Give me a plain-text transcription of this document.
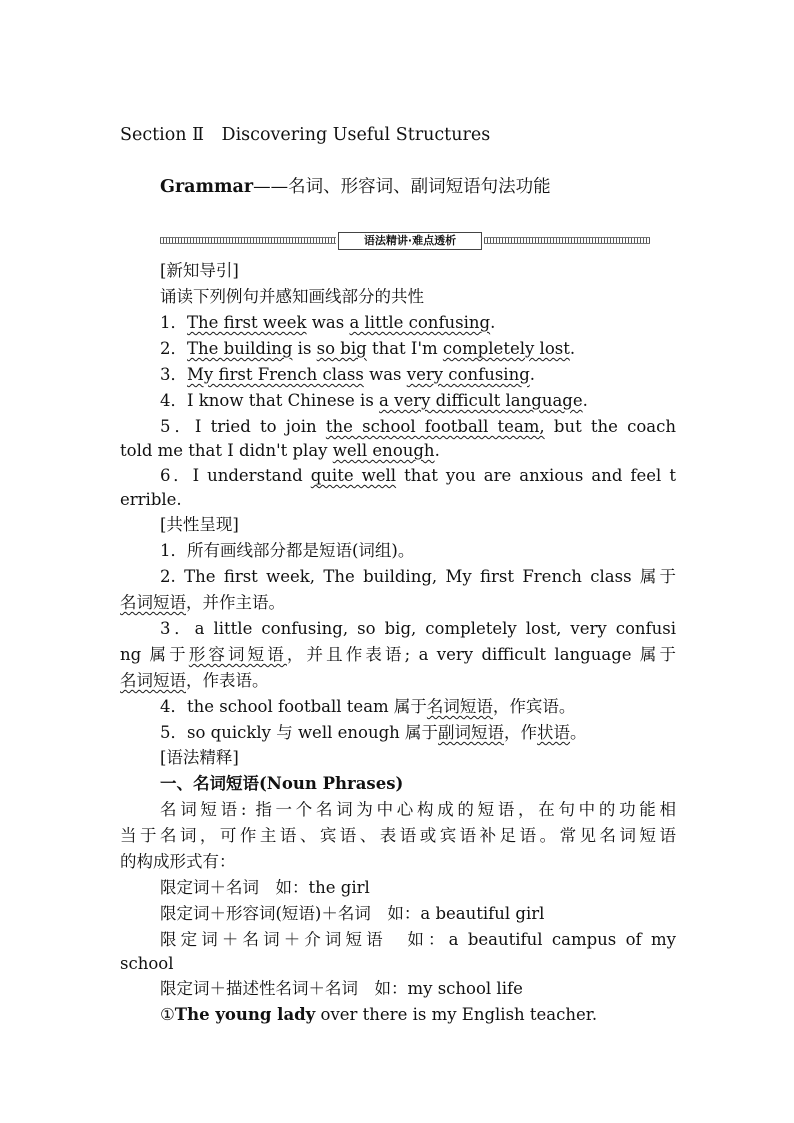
Section Ⅱ　Discovering Useful Structures
Grammar——名词、形容词、副词短语句法功能
语法精讲·难点透析
[新知导引]
诵读下列例句并感知画线部分的共性
1．The first week was a little confusing.
2．The building is so big that I'm completely lost.
3．My first French class was very confusing.
4．I know that Chinese is a very difficult language.
5．I tried to join the school football team, but the coach
told me that I didn't play well enough.
6．I understand quite well that you are anxious and feel t
errible.
[共性呈现]
1．所有画线部分都是短语(词组)。
2. The first week, The building, My first French class 属于
名词短语，并作主语。
3．a little confusing, so big, completely lost, very confusi
ng 属于形容词短语，并且作表语; a very difficult language 属于
名词短语，作表语。
4．the school football team 属于名词短语，作宾语。
5．so quickly 与 well enough 属于副词短语，作状语。
[语法精释]
一、名词短语(Noun Phrases)
名词短语: 指一个名词为中心构成的短语，在句中的功能相
当于名词，可作主语、宾语、表语或宾语补足语。常见名词短语
的构成形式有：
限定词＋名词　如：the girl
限定词＋形容词(短语)＋名词　如：a beautiful girl
限定词＋名词＋介词短语　如：a beautiful campus of my
school
限定词＋描述性名词＋名词　如：my school life
①The young lady over there is my English teacher.
